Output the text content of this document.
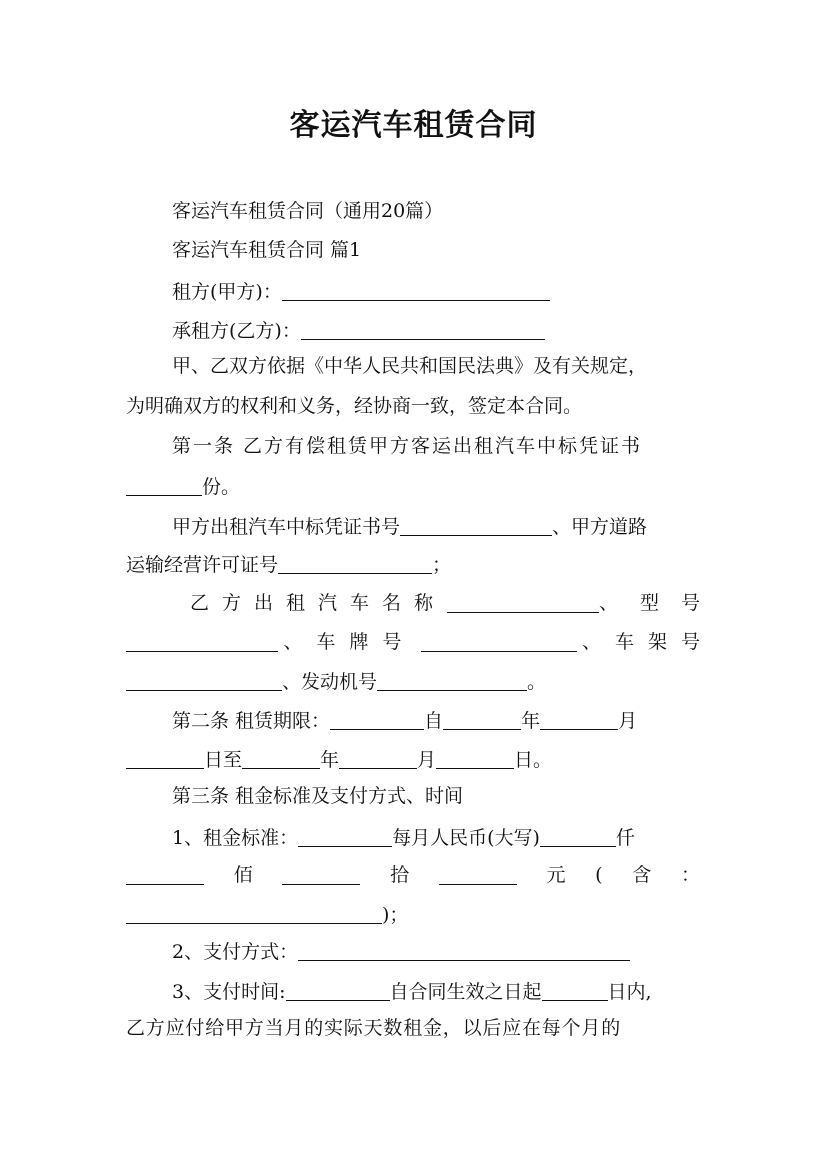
客运汽车租赁合同
客运汽车租赁合同（通用20篇）
客运汽车租赁合同 篇1
租方(甲方)：
承租方(乙方)：
甲、乙双方依据《中华人民共和国民法典》及有关规定，
为明确双方的权利和义务，经协商一致，签定本合同。
第一条 乙方有偿租赁甲方客运出租汽车中标凭证书
份。
甲方出租汽车中标凭证书号	、甲方道路
运输经营许可证号	；
乙方出租汽车名称	、型号
、车牌号	、车架号
、发动机号	。
第二条 租赁期限：	自	年	月
日至	年	月	日。
第三条 租金标准及支付方式、时间
1、租金标准：	每月人民币(大写)	仟
佰	拾	元 ( 含 ：
)；
2、支付方式：
3、支付时间:	自合同生效之日起	日内,
乙方应付给甲方当月的实际天数租金，以后应在每个月的
